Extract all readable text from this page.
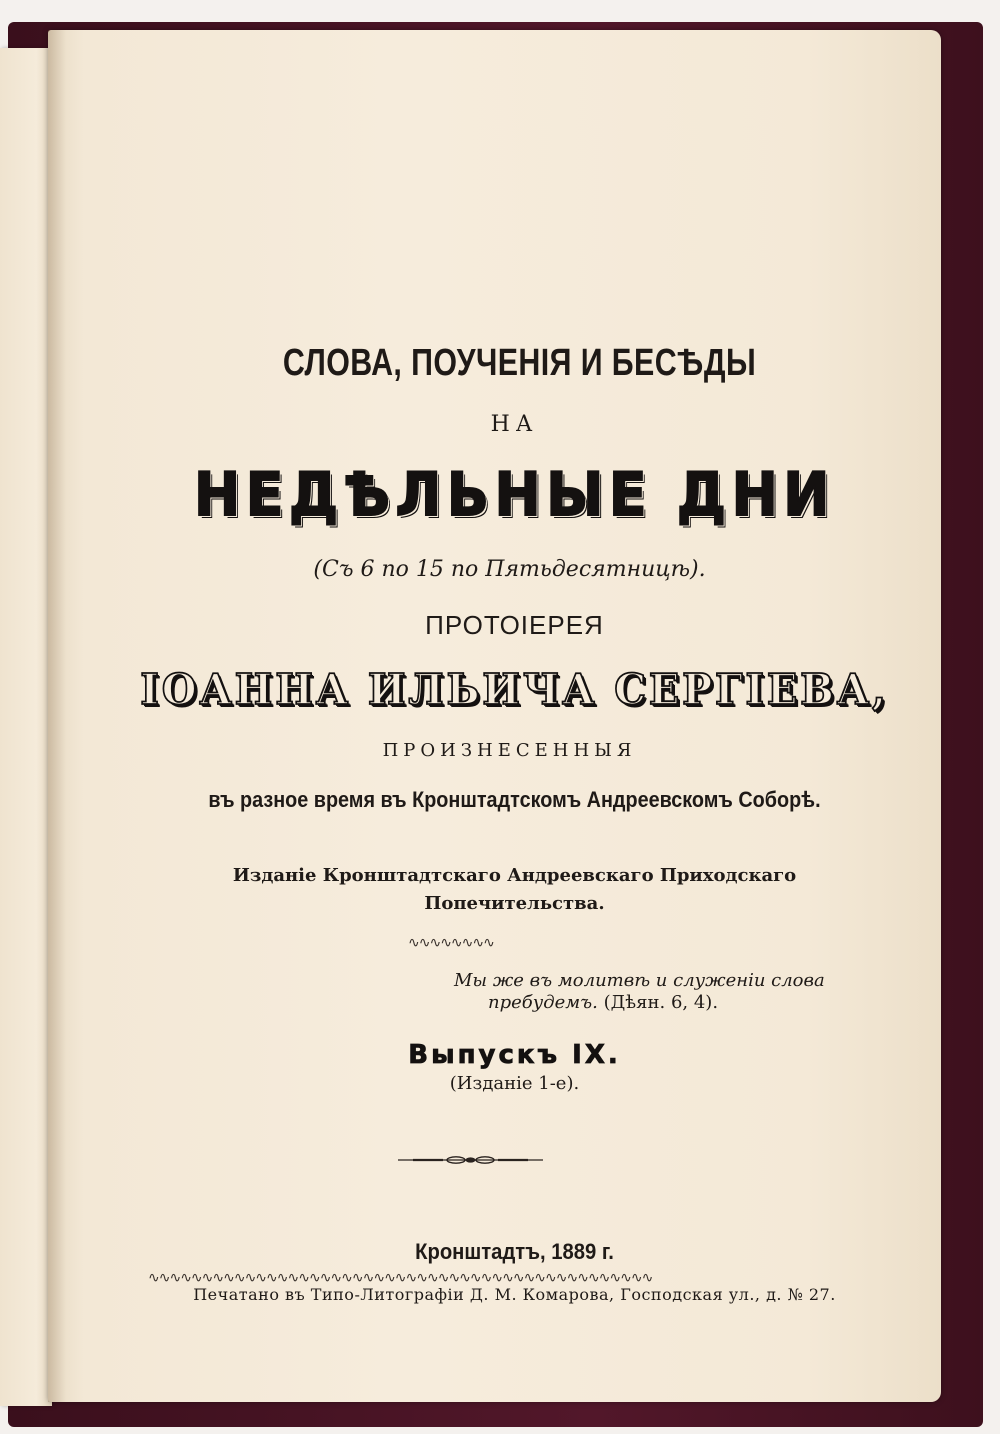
СЛОВА, ПОУЧЕНІЯ И БЕСѢДЫ

НА

НЕДѢЛЬНЫЕ ДНИ

(Съ 6 по 15 по Пятьдесятницѣ).

ПРОТОІЕРЕЯ

ІОАННА ИЛЬИЧА СЕРГІЕВА,

ПРОИЗНЕСЕННЫЯ

въ разное время въ Кронштадтскомъ Андреевскомъ Соборѣ.

Изданіе Кронштадтскаго Андреевскаго Приходскаго

Попечительства.

∿∿∿∿∿∿∿∿
Мы же въ молитвѣ и служеніи слова
пребудемъ. (Дѣян. 6, 4).

Выпускъ IX.

(Изданіе 1-е).

Кронштадтъ, 1889 г.

∿∿∿∿∿∿∿∿∿∿∿∿∿∿∿∿∿∿∿∿∿∿∿∿∿∿∿∿∿∿∿∿∿∿∿∿∿∿∿∿∿∿∿∿∿∿∿

Печатано въ Типо-Литографіи Д. М. Комарова, Господская ул., д. № 27.
